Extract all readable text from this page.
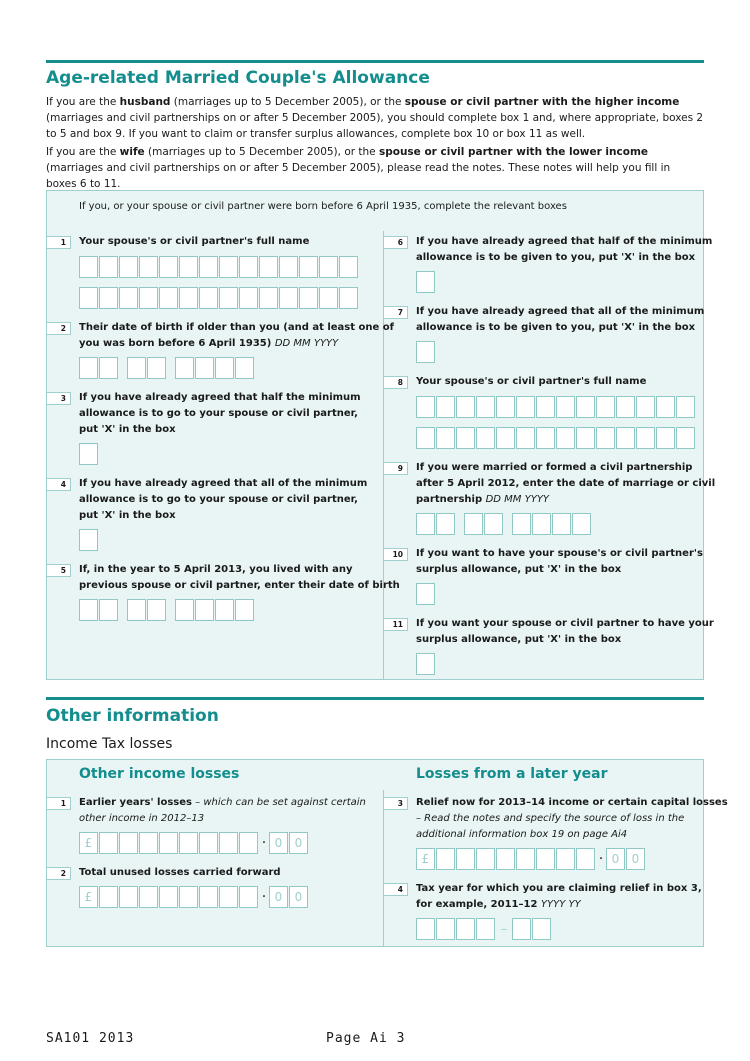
Age-related Married Couple's Allowance
If you are the husband (marriages up to 5 December 2005), or the spouse or civil partner with the higher income (marriages and civil partnerships on or after 5 December 2005), you should complete box 1 and, where appropriate, boxes 2 to 5 and box 9. If you want to claim or transfer surplus allowances, complete box 10 or box 11 as well.
If you are the wife (marriages up to 5 December 2005), or the spouse or civil partner with the lower income (marriages and civil partnerships on or after 5 December 2005), please read the notes. These notes will help you fill in boxes 6 to 11.
If you, or your spouse or civil partner were born before 6 April 1935, complete the relevant boxes
1	Your spouse's or civil partner's full name
2	Their date of birth if older than you (and at least one of
you was born before 6 April 1935) DD MM YYYY
3	If you have already agreed that half the minimum
allowance is to go to your spouse or civil partner,
put 'X' in the box
4	If you have already agreed that all of the minimum
allowance is to go to your spouse or civil partner,
put 'X' in the box
5	If, in the year to 5 April 2013, you lived with any
previous spouse or civil partner, enter their date of birth
6	If you have already agreed that half of the minimum
allowance is to be given to you, put 'X' in the box
7	If you have already agreed that all of the minimum
allowance is to be given to you, put 'X' in the box
8	Your spouse's or civil partner's full name
9	If you were married or formed a civil partnership
after 5 April 2012, enter the date of marriage or civil
partnership DD MM YYYY
10	If you want to have your spouse's or civil partner's
surplus allowance, put 'X' in the box
11	If you want your spouse or civil partner to have your
surplus allowance, put 'X' in the box
Other information
Income Tax losses
Other income losses	Losses from a later year
1	Earlier years' losses – which can be set against certain
other income in 2012–13
£	· 0	0
2	Total unused losses carried forward
£	· 0	0
3	Relief now for 2013–14 income or certain capital losses
– Read the notes and specify the source of loss in the
additional information box 19 on page Ai4
£	· 0	0
4	Tax year for which you are claiming relief in box 3,
for example, 2011–12 YYYY YY
–
SA101 2013	Page Ai 3
